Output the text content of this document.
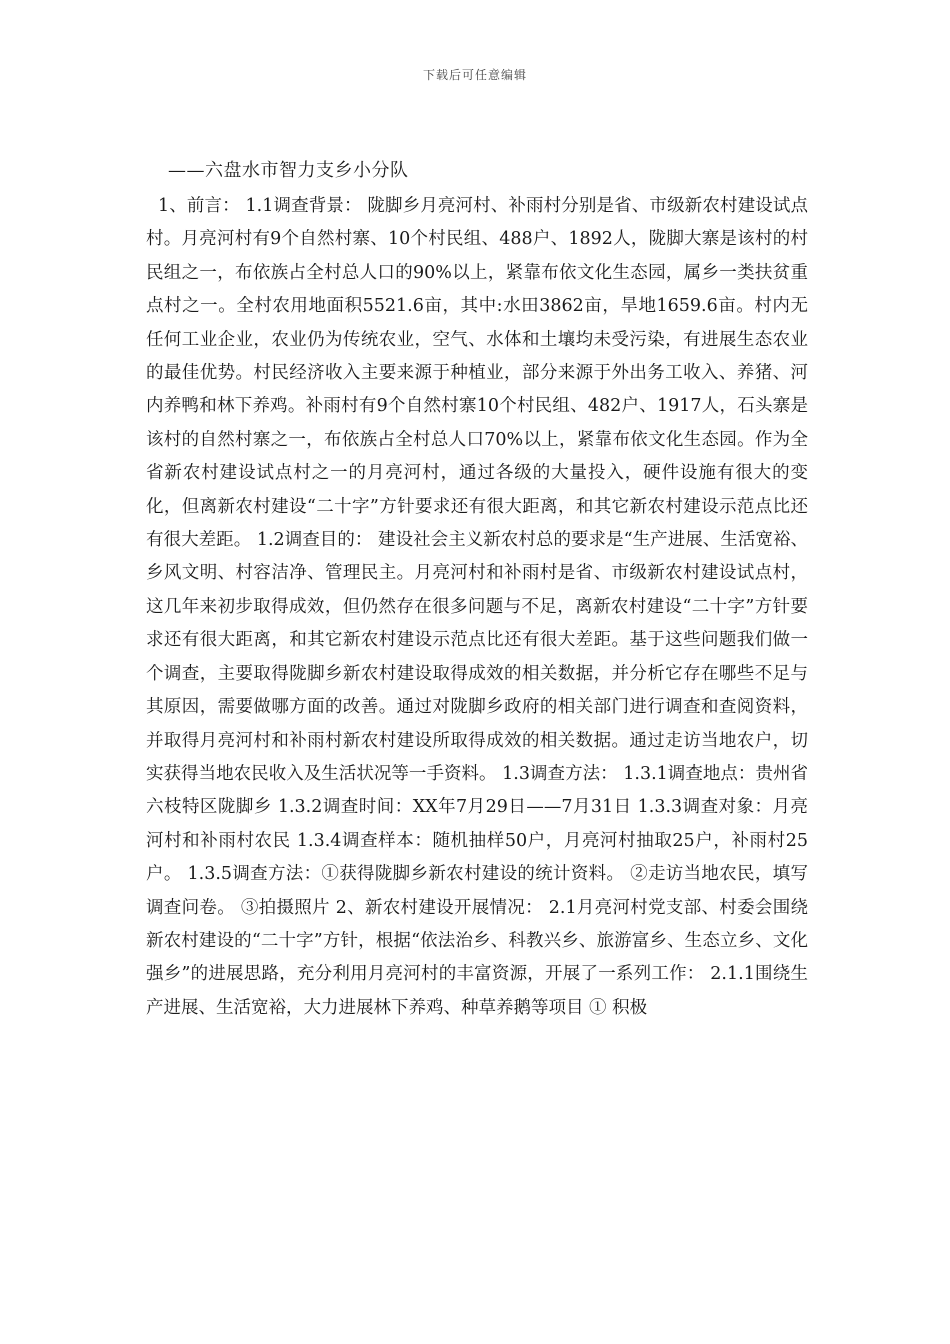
下载后可任意编辑
——六盘水市智力支乡小分队

1、前言： 1.1调查背景： 陇脚乡月亮河村、补雨村分别是省、市级新农村建设试点村。月亮河村有9个自然村寨、10个村民组、488户、1892人，陇脚大寨是该村的村民组之一，布依族占全村总人口的90%以上，紧靠布依文化生态园，属乡一类扶贫重点村之一。全村农用地面积5521.6亩，其中:水田3862亩，旱地1659.6亩。村内无任何工业企业，农业仍为传统农业，空气、水体和土壤均未受污染，有进展生态农业的最佳优势。村民经济收入主要来源于种植业，部分来源于外出务工收入、养猪、河内养鸭和林下养鸡。补雨村有9个自然村寨10个村民组、482户、1917人，石头寨是该村的自然村寨之一，布依族占全村总人口70%以上，紧靠布依文化生态园。作为全省新农村建设试点村之一的月亮河村，通过各级的大量投入，硬件设施有很大的变化，但离新农村建设“二十字”方针要求还有很大距离，和其它新农村建设示范点比还有很大差距。 1.2调查目的： 建设社会主义新农村总的要求是“生产进展、生活宽裕、乡风文明、村容洁净、管理民主。月亮河村和补雨村是省、市级新农村建设试点村，这几年来初步取得成效，但仍然存在很多问题与不足，离新农村建设“二十字”方针要求还有很大距离，和其它新农村建设示范点比还有很大差距。基于这些问题我们做一个调查，主要取得陇脚乡新农村建设取得成效的相关数据，并分析它存在哪些不足与其原因，需要做哪方面的改善。通过对陇脚乡政府的相关部门进行调查和查阅资料，并取得月亮河村和补雨村新农村建设所取得成效的相关数据。通过走访当地农户，切实获得当地农民收入及生活状况等一手资料。 1.3调查方法： 1.3.1调查地点：贵州省六枝特区陇脚乡 1.3.2调查时间：XX年7月29日——7月31日 1.3.3调查对象：月亮河村和补雨村农民 1.3.4调查样本：随机抽样50户，月亮河村抽取25户，补雨村25户。 1.3.5调查方法：①获得陇脚乡新农村建设的统计资料。 ②走访当地农民，填写调查问卷。 ③拍摄照片 2、新农村建设开展情况： 2.1月亮河村党支部、村委会围绕新农村建设的“二十字”方针，根据“依法治乡、科教兴乡、旅游富乡、生态立乡、文化强乡”的进展思路，充分利用月亮河村的丰富资源，开展了一系列工作： 2.1.1围绕生产进展、生活宽裕，大力进展林下养鸡、种草养鹅等项目 ① 积极
